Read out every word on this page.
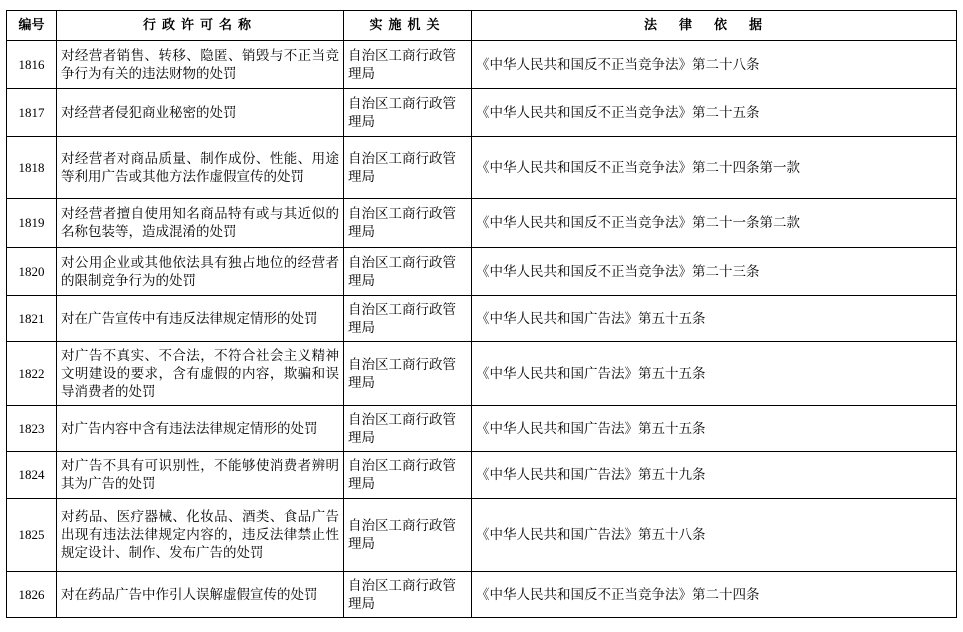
编号	行政许可名称	实施机关	法律依据
1816	对经营者销售、转移、隐匿、销毁与不正当竞争行为有关的违法财物的处罚	自治区工商行政管理局	《中华人民共和国反不正当竞争法》第二十八条
1817	对经营者侵犯商业秘密的处罚	自治区工商行政管理局	《中华人民共和国反不正当竞争法》第二十五条
1818	对经营者对商品质量、制作成份、性能、用途等利用广告或其他方法作虚假宣传的处罚	自治区工商行政管理局	《中华人民共和国反不正当竞争法》第二十四条第一款
1819	对经营者擅自使用知名商品特有或与其近似的名称包装等，造成混淆的处罚	自治区工商行政管理局	《中华人民共和国反不正当竞争法》第二十一条第二款
1820	对公用企业或其他依法具有独占地位的经营者的限制竞争行为的处罚	自治区工商行政管理局	《中华人民共和国反不正当竞争法》第二十三条
1821	对在广告宣传中有违反法律规定情形的处罚	自治区工商行政管理局	《中华人民共和国广告法》第五十五条
1822	对广告不真实、不合法，不符合社会主义精神文明建设的要求，含有虚假的内容，欺骗和误导消费者的处罚	自治区工商行政管理局	《中华人民共和国广告法》第五十五条
1823	对广告内容中含有违法法律规定情形的处罚	自治区工商行政管理局	《中华人民共和国广告法》第五十五条
1824	对广告不具有可识别性，不能够使消费者辨明其为广告的处罚	自治区工商行政管理局	《中华人民共和国广告法》第五十九条
1825	对药品、医疗器械、化妆品、酒类、食品广告出现有违法法律规定内容的，违反法律禁止性规定设计、制作、发布广告的处罚	自治区工商行政管理局	《中华人民共和国广告法》第五十八条
1826	对在药品广告中作引人误解虚假宣传的处罚	自治区工商行政管理局	《中华人民共和国反不正当竞争法》第二十四条
